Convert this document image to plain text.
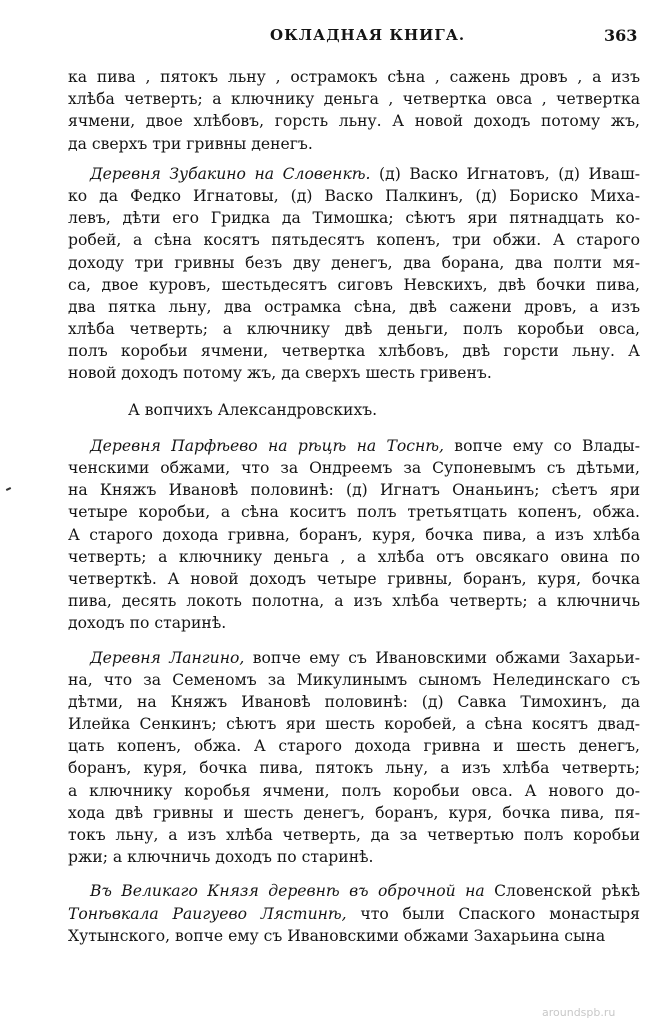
ОКЛАДНАЯ КНИГА.	363
ка пива , пятокъ льну , острамокъ сѣна , сажень дровъ , а изъ
хлѣба четверть; а ключнику деньга , четвертка овса , четвертка
ячмени, двое хлѣбовъ, горсть льну. А новой доходъ потому жъ,
да сверхъ три гривны денегъ.
Деревня Зубакино на Словенкѣ. (д) Васко Игнатовъ, (д) Иваш-
ко да Федко Игнатовы, (д) Васко Палкинъ, (д) Бориско Миха-
левъ, дѣти его Гридка да Тимошка; сѣютъ яри пятнадцать ко-
робей, а сѣна косятъ пятьдесятъ копенъ, три обжи. А старого
доходу три гривны безъ дву денегъ, два борана, два полти мя-
са, двое куровъ, шестьдесятъ сиговъ Невскихъ, двѣ бочки пива,
два пятка льну, два острамка сѣна, двѣ сажени дровъ, а изъ
хлѣба четверть; а ключнику двѣ деньги, полъ коробьи овса,
полъ коробьи ячмени, четвертка хлѣбовъ, двѣ горсти льну. А
новой доходъ потому жъ, да сверхъ шесть гривенъ.
А вопчихъ Александровскихъ.
Деревня Парфѣево на рѣцѣ на Тоснѣ, вопче ему со Влады-
ченскими обжами, что за Ондреемъ за Супоневымъ съ дѣтьми,
на Княжъ Ивановѣ половинѣ: (д) Игнатъ Онаньинъ; сѣетъ яри
четыре коробьи, а сѣна коситъ полъ третьятцать копенъ, обжа.
А старого дохода гривна, боранъ, куря, бочка пива, а изъ хлѣба
четверть; а ключнику деньга , а хлѣба отъ овсякаго овина по
четверткѣ. А новой доходъ четыре гривны, боранъ, куря, бочка
пива, десять локоть полотна, а изъ хлѣба четверть; а ключничь
доходъ по старинѣ.
Деревня Лангино, вопче ему съ Ивановскими обжами Захарьи-
на, что за Семеномъ за Микулинымъ сыномъ Нелединскаго съ
дѣтми, на Княжъ Ивановѣ половинѣ: (д) Савка Тимохинъ, да
Илейка Сенкинъ; сѣютъ яри шесть коробей, а сѣна косятъ двад-
цать копенъ, обжа. А старого дохода гривна и шесть денегъ,
боранъ, куря, бочка пива, пятокъ льну, а изъ хлѣба четверть;
а ключнику коробья ячмени, полъ коробьи овса. А нового до-
хода двѣ гривны и шесть денегъ, боранъ, куря, бочка пива, пя-
токъ льну, а изъ хлѣба четверть, да за четвертью полъ коробьи
ржи; а ключничь доходъ по старинѣ.
Въ Великаго Князя деревнѣ въ оброчной на Словенской рѣкѣ
Тонѣвкала Раигуево Лястинѣ, что были Спаского монастыря
Хутынского, вопче ему съ Ивановскими обжами Захарьина сына
aroundspb.ru
